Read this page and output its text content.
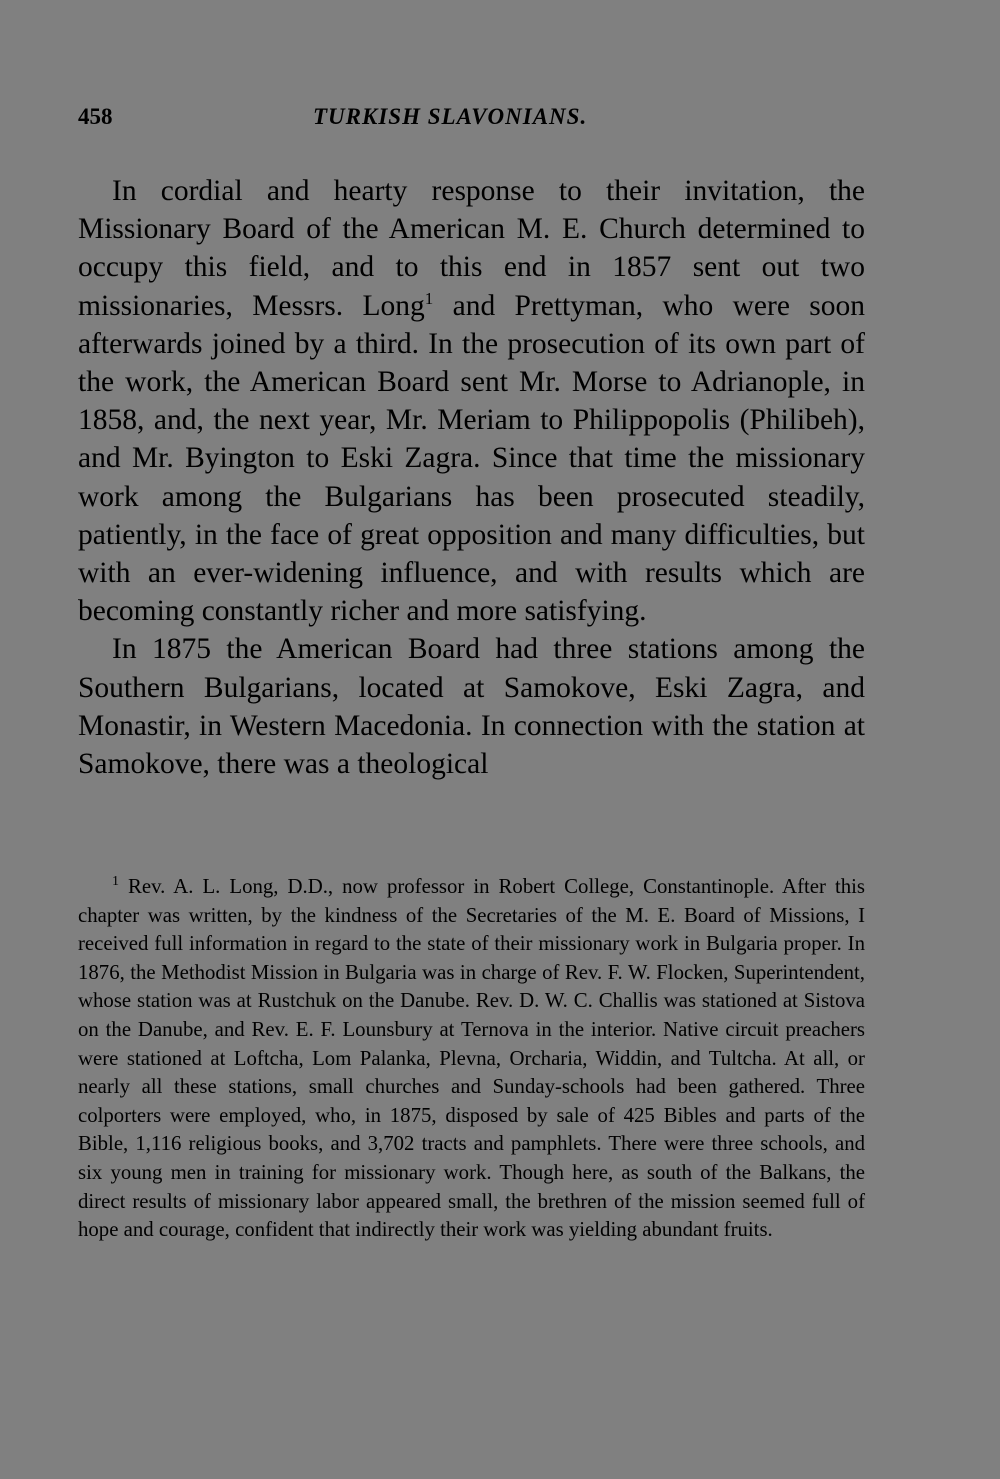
458	TURKISH SLAVONIANS.

In cordial and hearty response to their invitation, the Missionary Board of the American M. E. Church determined to occupy this field, and to this end in 1857 sent out two missionaries, Messrs. Long$^1$ and Prettyman, who were soon afterwards joined by a third. In the prosecution of its own part of the work, the American Board sent Mr. Morse to Adrianople, in 1858, and, the next year, Mr. Meriam to Philippopolis (Philibeh), and Mr. Byington to Eski Zagra. Since that time the missionary work among the Bulgarians has been prosecuted steadily, patiently, in the face of great opposition and many difficulties, but with an ever-widening influence, and with results which are becoming constantly richer and more satisfying.

In 1875 the American Board had three stations among the Southern Bulgarians, located at Samokove, Eski Zagra, and Monastir, in Western Macedonia. In connection with the station at Samokove, there was a theological

$^1$ Rev. A. L. Long, D.D., now professor in Robert College, Constantinople. After this chapter was written, by the kindness of the Secretaries of the M. E. Board of Missions, I received full information in regard to the state of their missionary work in Bulgaria proper. In 1876, the Methodist Mission in Bulgaria was in charge of Rev. F. W. Flocken, Superintendent, whose station was at Rustchuk on the Danube. Rev. D. W. C. Challis was stationed at Sistova on the Danube, and Rev. E. F. Lounsbury at Ternova in the interior. Native circuit preachers were stationed at Loftcha, Lom Palanka, Plevna, Orcharia, Widdin, and Tultcha. At all, or nearly all these stations, small churches and Sunday-schools had been gathered. Three colporters were employed, who, in 1875, disposed by sale of 425 Bibles and parts of the Bible, 1,116 religious books, and 3,702 tracts and pamphlets. There were three schools, and six young men in training for missionary work. Though here, as south of the Balkans, the direct results of missionary labor appeared small, the brethren of the mission seemed full of hope and courage, confident that indirectly their work was yielding abundant fruits.
